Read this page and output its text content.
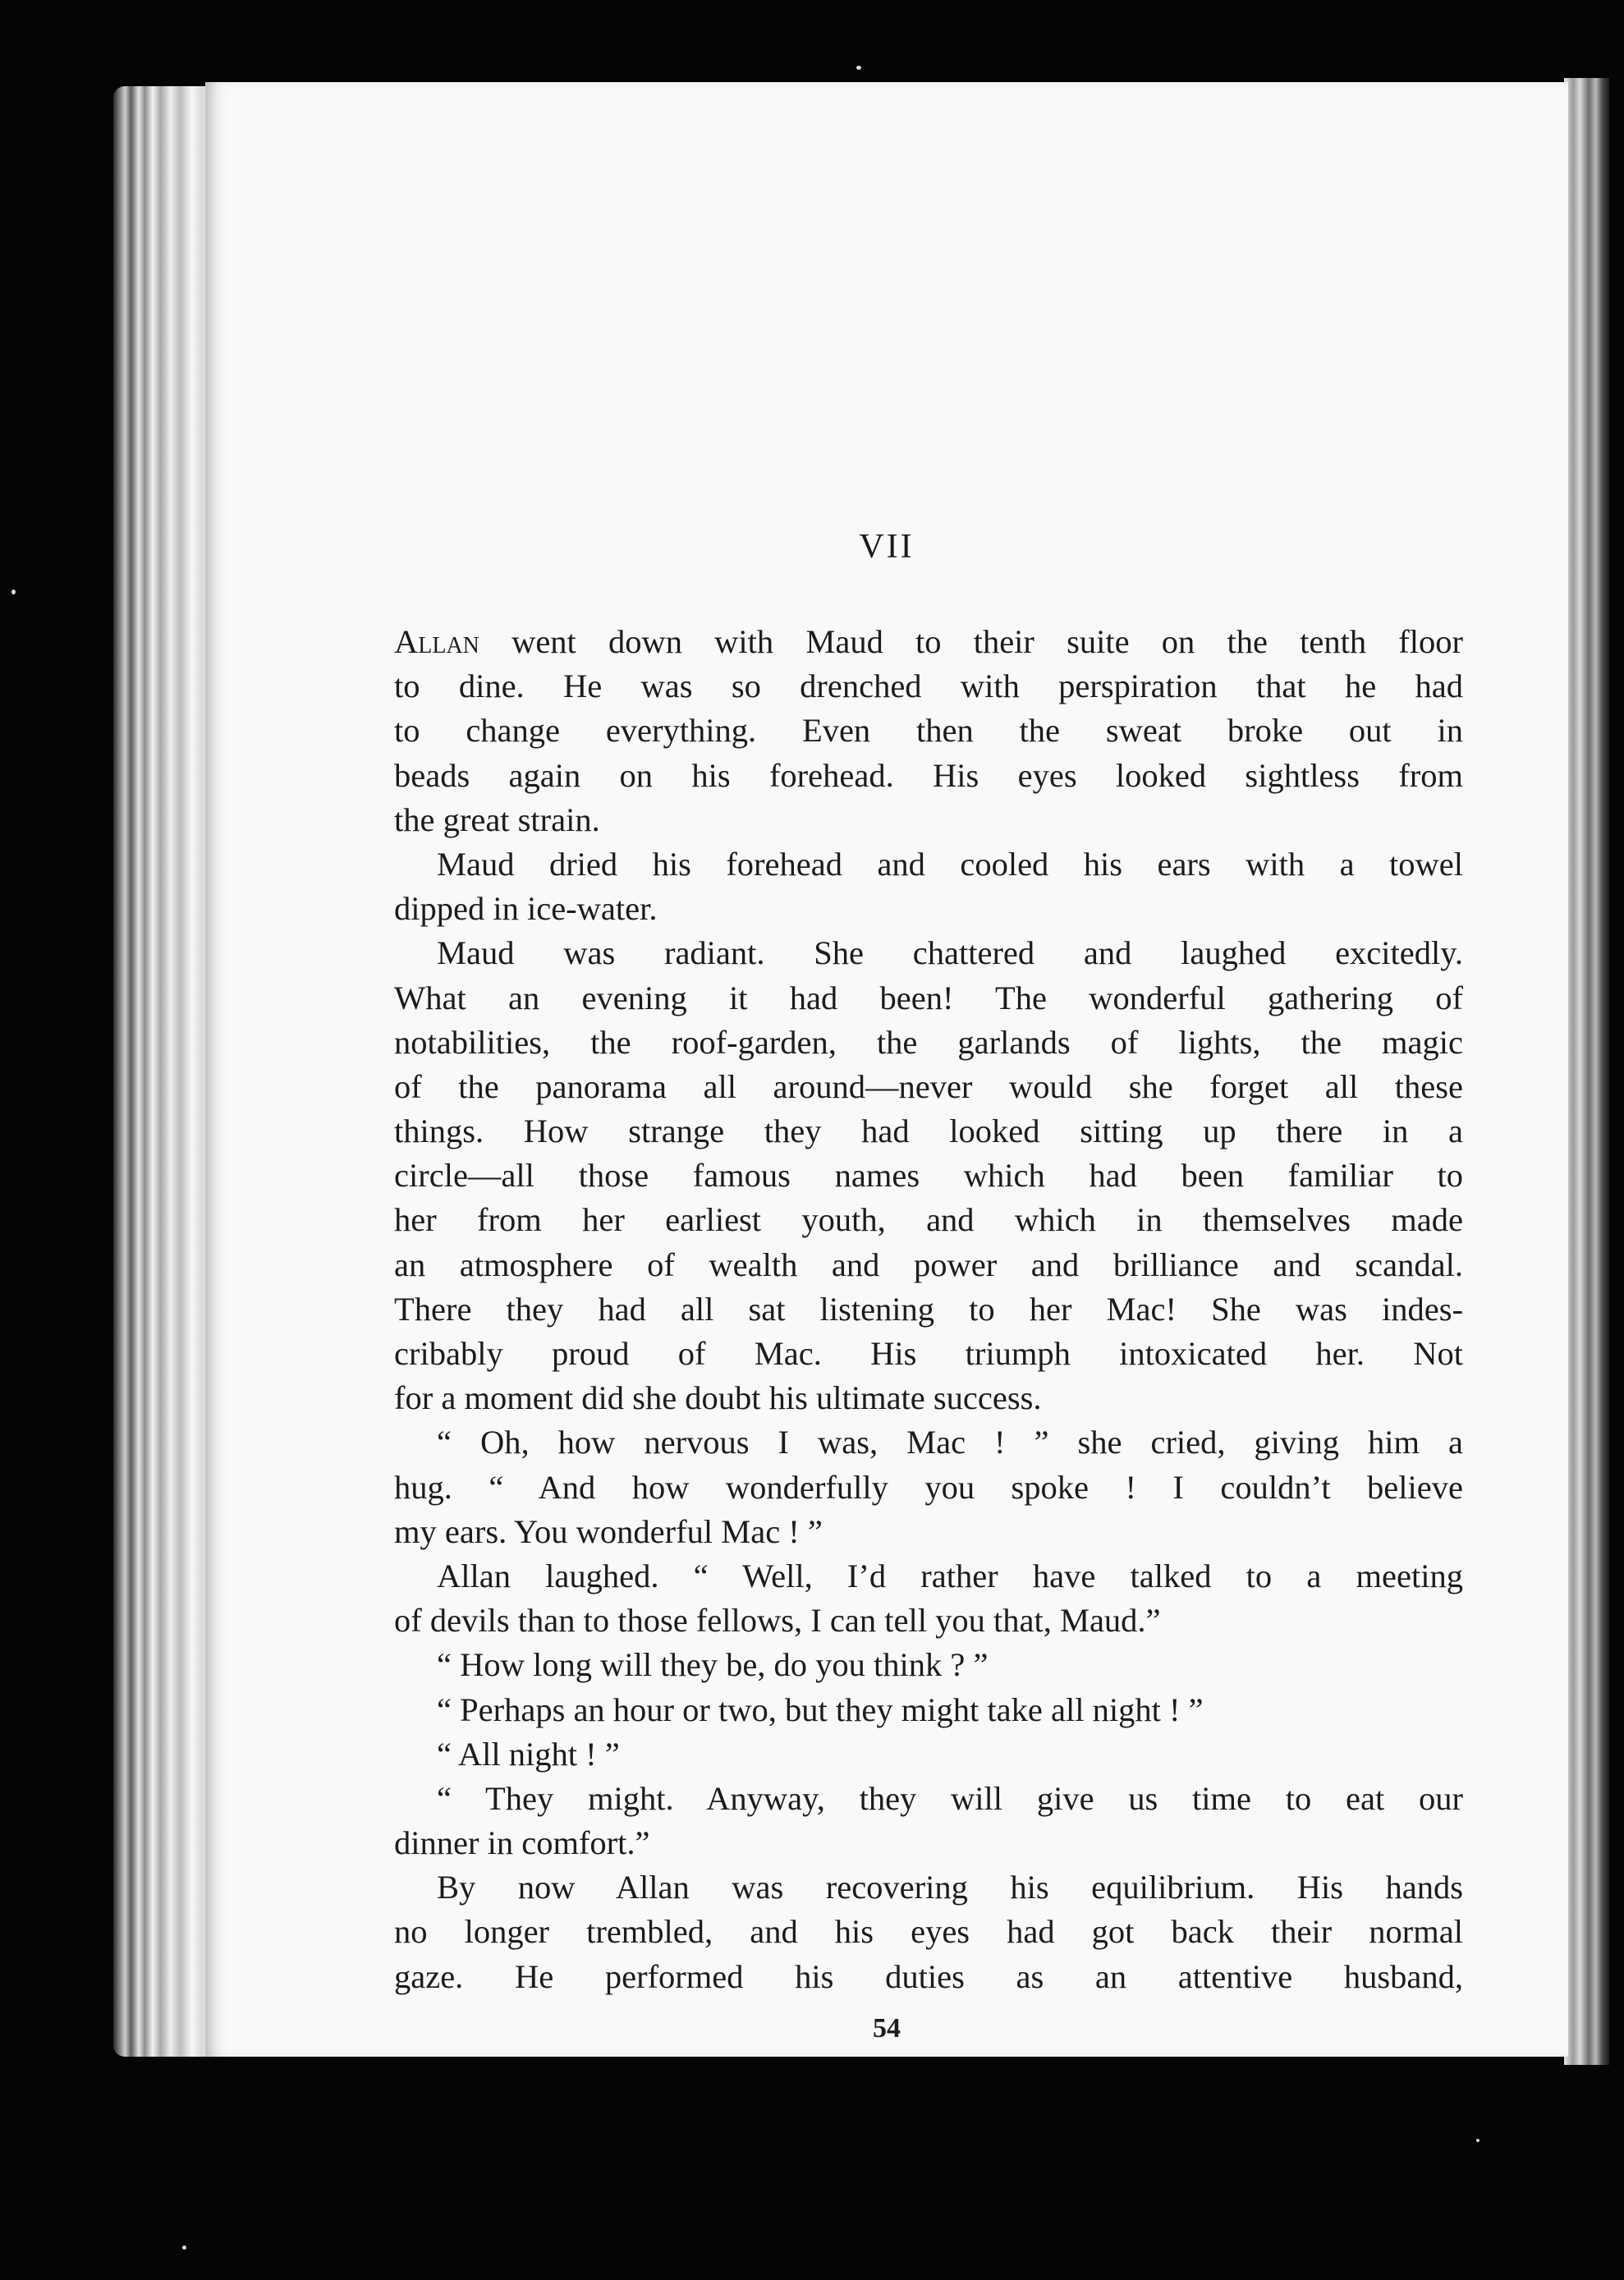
VII
Allan went down with Maud to their suite on the tenth floor
to dine. He was so drenched with perspiration that he had
to change everything. Even then the sweat broke out in
beads again on his forehead. His eyes looked sightless from
the great strain.
Maud dried his forehead and cooled his ears with a towel
dipped in ice-water.
Maud was radiant. She chattered and laughed excitedly.
What an evening it had been! The wonderful gathering of
notabilities, the roof-garden, the garlands of lights, the magic
of the panorama all around—never would she forget all these
things. How strange they had looked sitting up there in a
circle—all those famous names which had been familiar to
her from her earliest youth, and which in themselves made
an atmosphere of wealth and power and brilliance and scandal.
There they had all sat listening to her Mac! She was indes-
cribably proud of Mac. His triumph intoxicated her. Not
for a moment did she doubt his ultimate success.
“ Oh, how nervous I was, Mac ! ” she cried, giving him a
hug. “ And how wonderfully you spoke ! I couldn’t believe
my ears. You wonderful Mac ! ”
Allan laughed. “ Well, I’d rather have talked to a meeting
of devils than to those fellows, I can tell you that, Maud.”
“ How long will they be, do you think ? ”
“ Perhaps an hour or two, but they might take all night ! ”
“ All night ! ”
“ They might. Anyway, they will give us time to eat our
dinner in comfort.”
By now Allan was recovering his equilibrium. His hands
no longer trembled, and his eyes had got back their normal
gaze. He performed his duties as an attentive husband,
54
